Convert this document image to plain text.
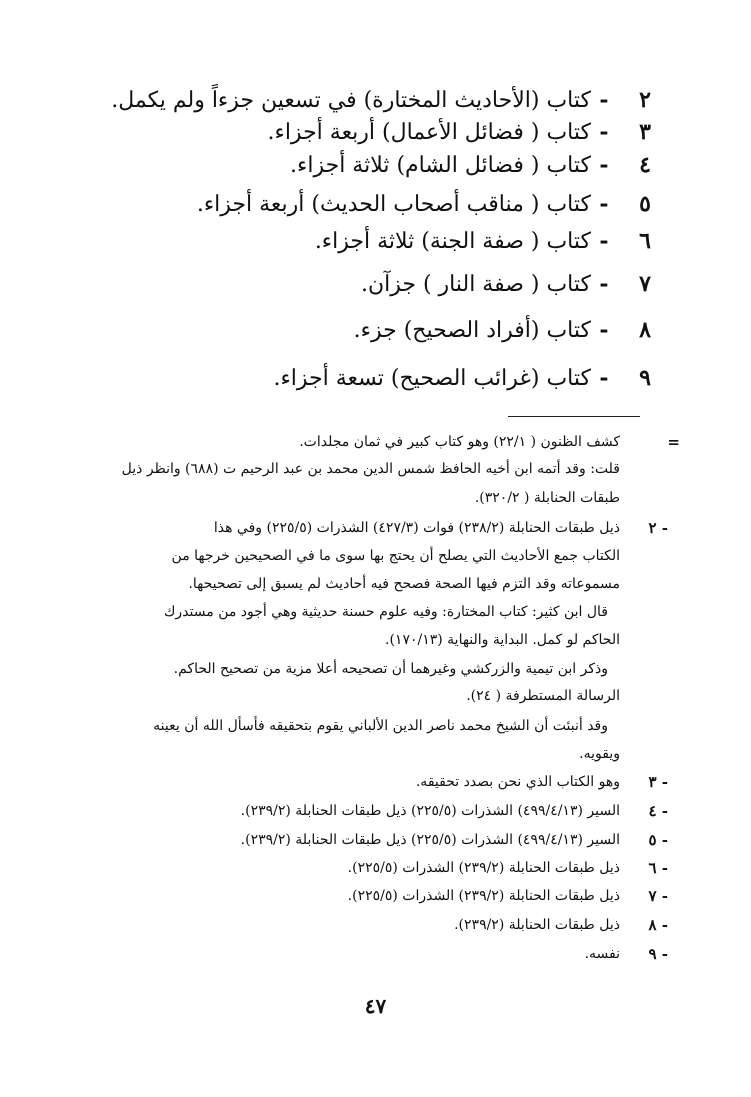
٢-كتاب (الأحاديث المختارة) في تسعين جزءاً ولم يكمل.
٣-كتاب ( فضائل الأعمال) أربعة أجزاء.
٤-كتاب ( فضائل الشام) ثلاثة أجزاء.
٥-كتاب ( مناقب أصحاب الحديث) أربعة أجزاء.
٦-كتاب ( صفة الجنة) ثلاثة أجزاء.
٧-كتاب ( صفة النار ) جزآن.
٨-كتاب (أفراد الصحيح) جزء.
٩-كتاب (غرائب الصحيح) تسعة أجزاء.
=
كشف الظنون ( ٢٢/١) وهو كتاب كبير في ثمان مجلدات.
قلت: وقد أتمه ابن أخيه الحافظ شمس الدين محمد بن عبد الرحيم ت (٦٨٨) وانظر ذيل
طبقات الحنابلة ( ٣٢٠/٢).
٢ -
ذيل طبقات الحنابلة (٢٣٨/٢) فوات (٤٢٧/٣) الشذرات (٢٢٥/٥) وفي هذا
الكتاب جمع الأحاديث التي يصلح أن يحتج بها سوى ما في الصحيحين خرجها من
مسموعاته وقد التزم فيها الصحة فصحح فيه أحاديث لم يسبق إلى تصحيحها.
قال ابن كثير: كتاب المختارة: وفيه علوم حسنة حديثية وهي أجود من مستدرك
الحاكم لو كمل. البداية والنهاية (١٧٠/١٣).
وذكر ابن تيمية والزركشي وغيرهما أن تصحيحه أعلا مزية من تصحيح الحاكم.
الرسالة المستطرفة ( ٢٤).
وقد أنبئت أن الشيخ محمد ناصر الدين الألباني يقوم بتحقيقه فأسأل الله أن يعينه
ويقويه.
٣ -
وهو الكتاب الذي نحن بصدد تحقيقه.
٤ -
السير (٤٩٩/٤/١٣) الشذرات (٢٢٥/٥) ذيل طبقات الحنابلة (٢٣٩/٢).
٥ -
السير (٤٩٩/٤/١٣) الشذرات (٢٢٥/٥) ذيل طبقات الحنابلة (٢٣٩/٢).
٦ -
ذيل طبقات الحنابلة (٢٣٩/٢) الشذرات (٢٢٥/٥).
٧ -
ذيل طبقات الحنابلة (٢٣٩/٢) الشذرات (٢٢٥/٥).
٨ -
ذيل طبقات الحنابلة (٢٣٩/٢).
٩ -
نفسه.
٤٧
